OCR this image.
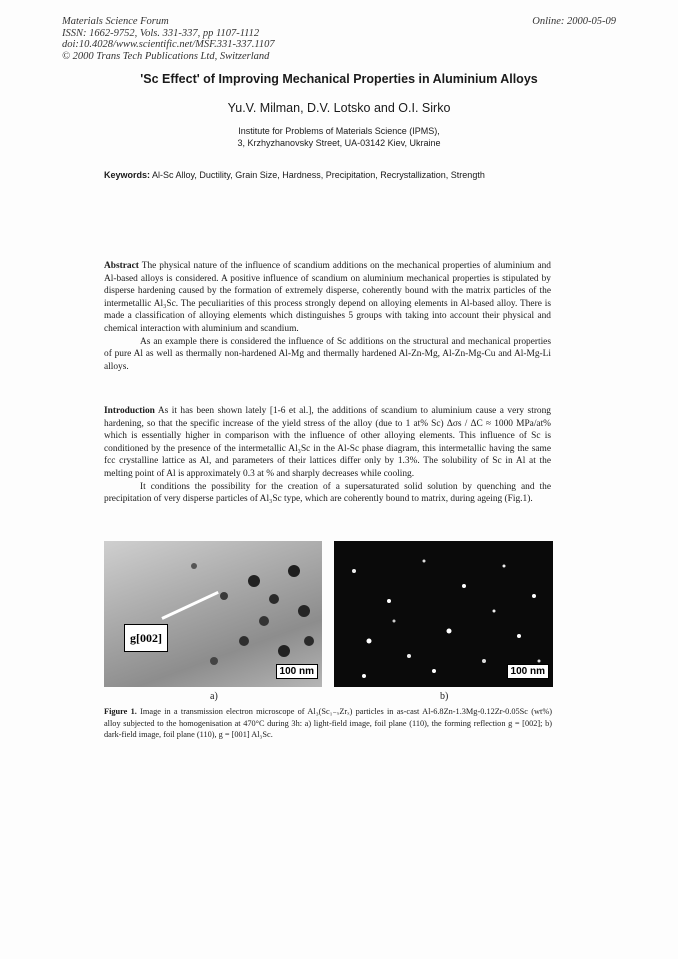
Materials Science Forum
ISSN: 1662-9752, Vols. 331-337, pp 1107-1112
doi:10.4028/www.scientific.net/MSF.331-337.1107
© 2000 Trans Tech Publications Ltd, Switzerland
Online: 2000-05-09
'Sc Effect' of Improving Mechanical Properties in Aluminium Alloys
Yu.V. Milman, D.V. Lotsko and O.I. Sirko
Institute for Problems of Materials Science (IPMS),
3, Krzhyzhanovsky Street, UA-03142 Kiev, Ukraine
Keywords: Al-Sc Alloy, Ductility, Grain Size, Hardness, Precipitation, Recrystallization, Strength
Abstract The physical nature of the influence of scandium additions on the mechanical properties of aluminium and Al-based alloys is considered. A positive influence of scandium on aluminium mechanical properties is stipulated by disperse hardening caused by the formation of extremely disperse, coherently bound with the matrix particles of the intermetallic Al₃Sc. The peculiarities of this process strongly depend on alloying elements in Al-based alloy. There is made a classification of alloying elements which distinguishes 5 groups with taking into account their physical and chemical interaction with aluminium and scandium.
As an example there is considered the influence of Sc additions on the structural and mechanical properties of pure Al as well as thermally non-hardened Al-Mg and thermally hardened Al-Zn-Mg, Al-Zn-Mg-Cu and Al-Mg-Li alloys.
Introduction As it has been shown lately [1-6 et al.], the additions of scandium to aluminium cause a very strong hardening, so that the specific increase of the yield stress of the alloy (due to 1 at% Sc) Δσs / ΔC ≈ 1000 MPa/at% which is essentially higher in comparison with the influence of other alloying elements. This influence of Sc is conditioned by the presence of the intermetallic Al₃Sc in the Al-Sc phase diagram, this intermetallic having the same fcc crystalline lattice as Al, and parameters of their lattices differ only by 1.3%. The solubility of Sc in Al at the melting point of Al is approximately 0.3 at % and sharply decreases while cooling.
It conditions the possibility for the creation of a supersaturated solid solution by quenching and the precipitation of very disperse particles of Al₃Sc type, which are coherently bound to matrix, during ageing (Fig.1).
g[002]
100 nm	100 nm
a)	b)
Figure 1. Image in a transmission electron microscope of Al₃(Sc₁₋ₓZrₓ) particles in as-cast Al-6.8Zn-1.3Mg-0.12Zr-0.05Sc (wt%) alloy subjected to the homogenisation at 470°C during 3h: a) light-field image, foil plane (110), the forming reflection g = [002]; b) dark-field image, foil plane (110), g = [001] Al₃Sc.
